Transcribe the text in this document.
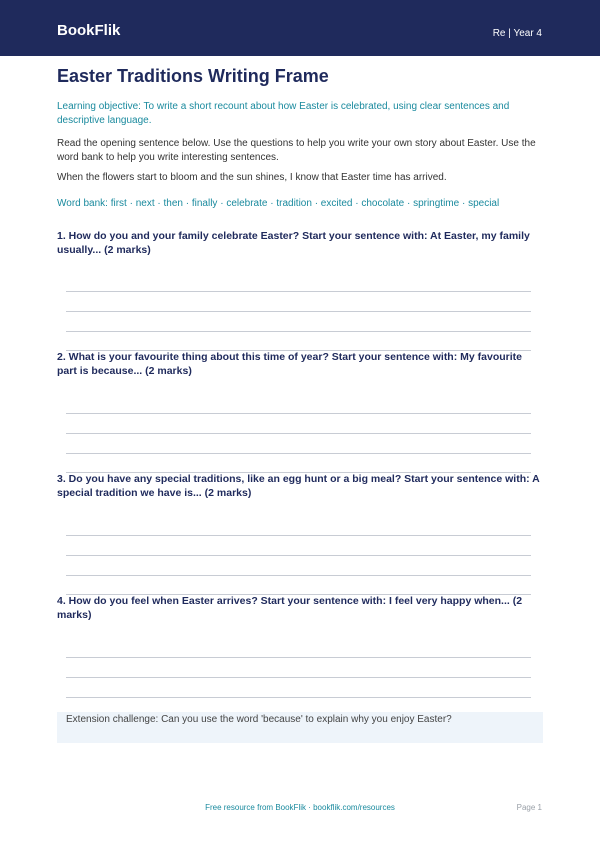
BookFlik	Re | Year 4
Easter Traditions Writing Frame
Learning objective: To write a short recount about how Easter is celebrated, using clear sentences and descriptive language.
Read the opening sentence below. Use the questions to help you write your own story about Easter. Use the word bank to help you write interesting sentences.
When the flowers start to bloom and the sun shines, I know that Easter time has arrived.
Word bank: first · next · then · finally · celebrate · tradition · excited · chocolate · springtime · special
1. How do you and your family celebrate Easter? Start your sentence with: At Easter, my family usually... (2 marks)
2. What is your favourite thing about this time of year? Start your sentence with: My favourite part is because... (2 marks)
3. Do you have any special traditions, like an egg hunt or a big meal? Start your sentence with: A special tradition we have is... (2 marks)
4. How do you feel when Easter arrives? Start your sentence with: I feel very happy when... (2 marks)
Extension challenge: Can you use the word 'because' to explain why you enjoy Easter?
Free resource from BookFlik · bookflik.com/resources	Page 1
